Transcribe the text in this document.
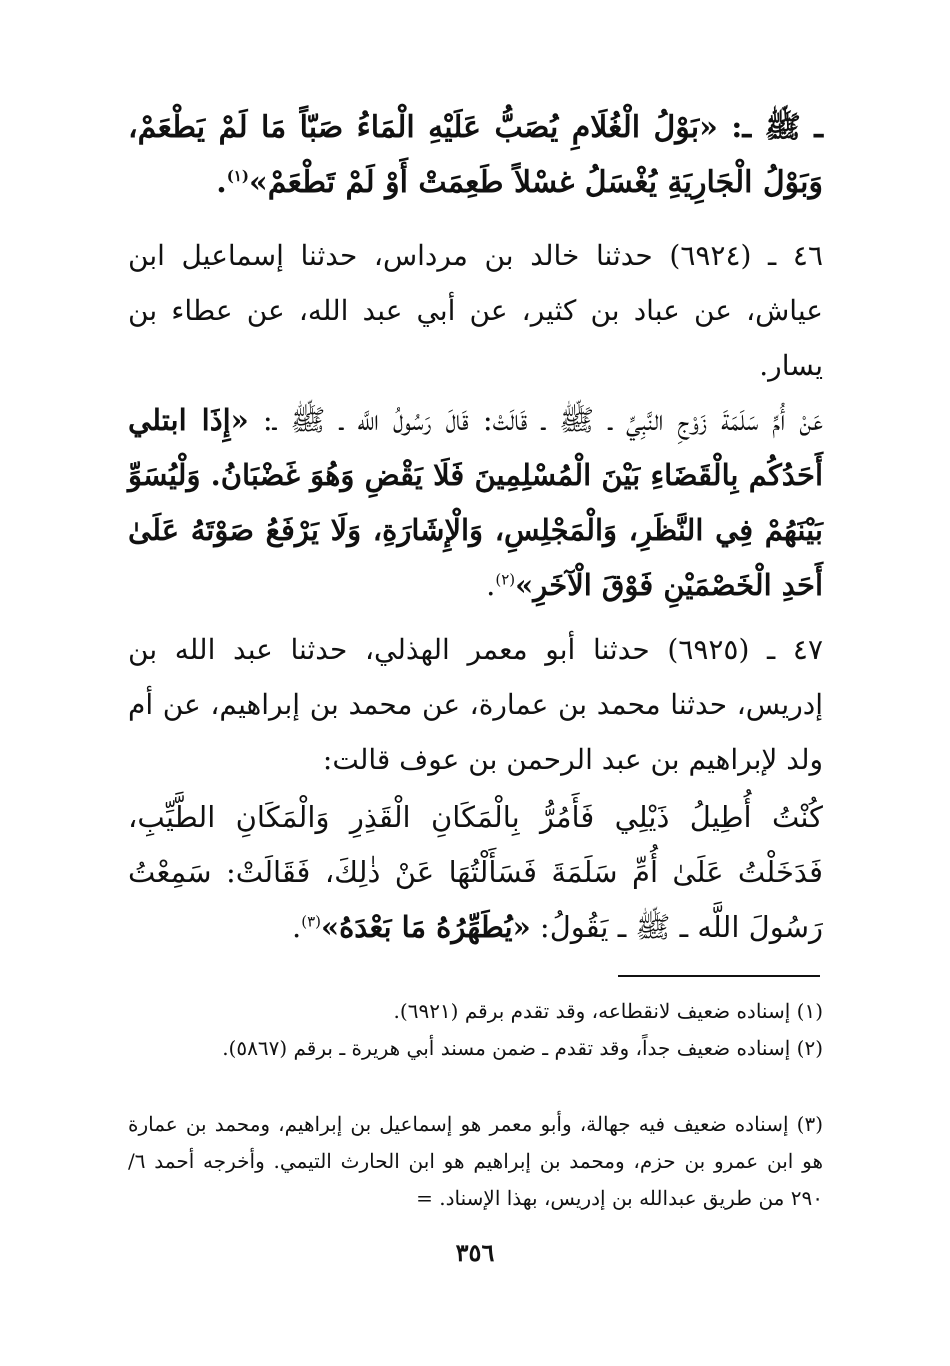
ـ ﷺ ـ: «بَوْلُ الْغُلَامِ يُصَبُّ عَلَيْهِ الْمَاءُ صَبّاً مَا لَمْ يَطْعَمْ، وَبَوْلُ الْجَارِيَةِ يُغْسَلُ غسْلاً طَعِمَتْ أَوْ لَمْ تَطْعَمْ»$^{(١)}$.
٤٦ ـ (٦٩٢٤) حدثنا خالد بن مرداس، حدثنا إسماعيل ابن عياش، عن عباد بن كثير، عن أبي عبد الله، عن عطاء بن يسار.
عَنْ أُمِّ سَلَمَةَ زَوْجِ النَّبِيِّ ـ ﷺ ـ قَالَتْ: قَالَ رَسُولُ اللَّه ـ ﷺ ـ: «إِذَا ابتلي أَحَدُكُم بِالْقَضَاءِ بَيْنَ الْمُسْلِمِينَ فَلَا يَقْضِ وَهُوَ غَضْبَانُ. وَلْيُسَوِّ بَيْنَهُمْ فِي النَّظَرِ، وَالْمَجْلِسِ، وَالْإِشَارَةِ، وَلَا يَرْفَعُ صَوْتَهُ عَلَىٰ أَحَدِ الْخَصْمَيْنِ فَوْقَ الْآخَرِ»$^{(٢)}$.
٤٧ ـ (٦٩٢٥) حدثنا أبو معمر الهذلي، حدثنا عبد الله بن إدريس، حدثنا محمد بن عمارة، عن محمد بن إبراهيم، عن أم ولد لإبراهيم بن عبد الرحمن بن عوف قالت:
كُنْتُ أُطِيلُ ذَيْلِي فَأَمُرُّ بِالْمَكَانِ الْقَذِرِ وَالْمَكَانِ الطَّيِّبِ، فَدَخَلْتُ عَلَىٰ أُمِّ سَلَمَةَ فَسَأَلْتُهَا عَنْ ذٰلِكَ، فَقَالَتْ: سَمِعْتُ رَسُولَ اللَّه ـ ﷺ ـ يَقُولُ: «يُطَهِّرُهُ مَا بَعْدَهُ»$^{(٣)}$.
(١) إسناده ضعيف لانقطاعه، وقد تقدم برقم (٦٩٢١).
(٢) إسناده ضعيف جداً، وقد تقدم ـ ضمن مسند أبي هريرة ـ برقم (٥٨٦٧).
(٣) إسناده ضعيف فيه جهالة، وأبو معمر هو إسماعيل بن إبراهيم، ومحمد بن عمارة هو ابن عمرو بن حزم، ومحمد بن إبراهيم هو ابن الحارث التيمي. وأخرجه أحمد ٦/ ٢٩٠ من طريق عبدالله بن إدريس، بهذا الإسناد. =
٣٥٦
